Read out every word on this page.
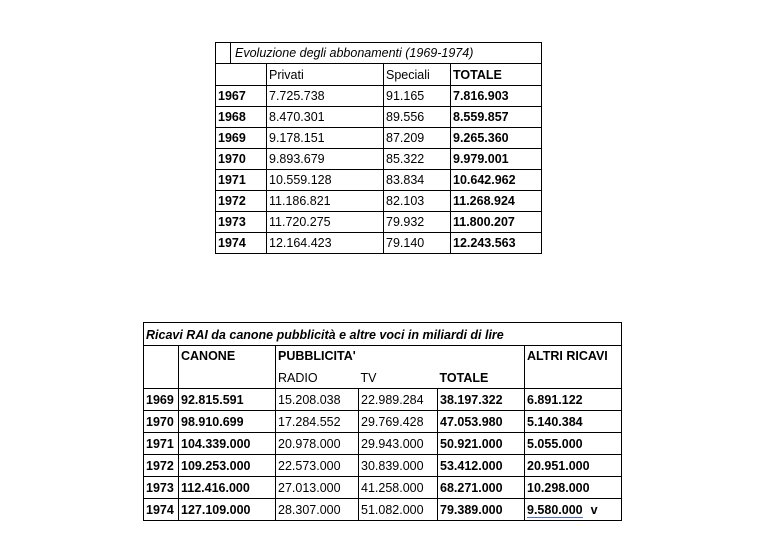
Evoluzione degli abbonamenti (1969-1974)			
	Privati	Speciali	TOTALE
1967	7.725.738	91.165	7.816.903
1968	8.470.301	89.556	8.559.857
1969	9.178.151	87.209	9.265.360
1970	9.893.679	85.322	9.979.001
1971	10.559.128	83.834	10.642.962
1972	11.186.821	82.103	11.268.924
1973	11.720.275	79.932	11.800.207
1974	12.164.423	79.140	12.243.563
Ricavi RAI da canone pubblicità e altre voci in miliardi di lire					
	CANONE	PUBBLICITA'			ALTRI RICAVI
		RADIO	TV	TOTALE	
1969	92.815.591	15.208.038	22.989.284	38.197.322	6.891.122
1970	98.910.699	17.284.552	29.769.428	47.053.980	5.140.384
1971	104.339.000	20.978.000	29.943.000	50.921.000	5.055.000
1972	109.253.000	22.573.000	30.839.000	53.412.000	20.951.000
1973	112.416.000	27.013.000	41.258.000	68.271.000	10.298.000
1974	127.109.000	28.307.000	51.082.000	79.389.000	9.580.000 v
